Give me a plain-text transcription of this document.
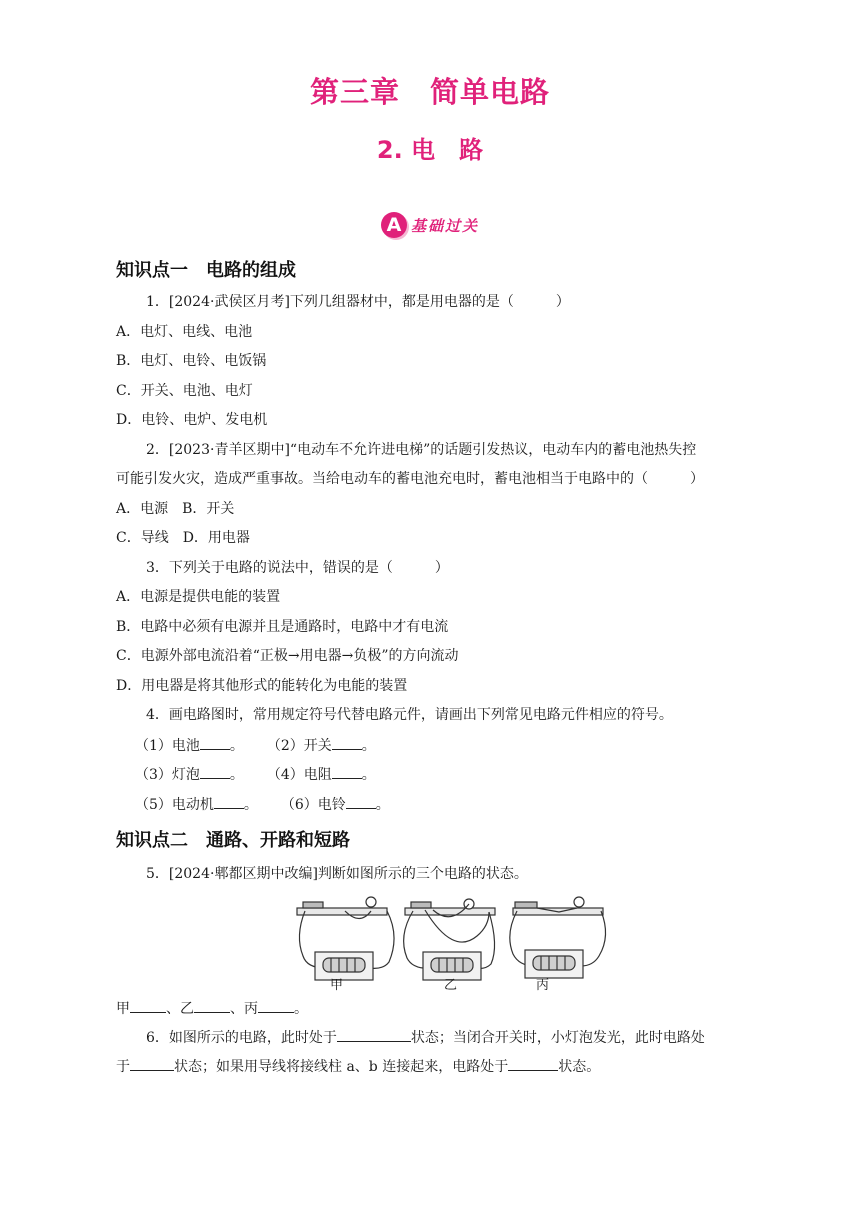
第三章　简单电路
2. 电　路
A 基础过关
知识点一　电路的组成
1．[2024·武侯区月考]下列几组器材中，都是用电器的是（　　　）
A．电灯、电线、电池
B．电灯、电铃、电饭锅
C．开关、电池、电灯
D．电铃、电炉、发电机
2．[2023·青羊区期中]“电动车不允许进电梯”的话题引发热议，电动车内的蓄电池热失控
可能引发火灾，造成严重事故。当给电动车的蓄电池充电时，蓄电池相当于电路中的（　　　）
A．电源　B．开关
C．导线　D．用电器
3．下列关于电路的说法中，错误的是（　　　）
A．电源是提供电能的装置
B．电路中必须有电源并且是通路时，电路中才有电流
C．电源外部电流沿着“正极→用电器→负极”的方向流动
D．用电器是将其他形式的能转化为电能的装置
4．画电路图时，常用规定符号代替电路元件，请画出下列常见电路元件相应的符号。
（1）电池 。 （2）开关 。
（3）灯泡 。 （4）电阻 。
（5）电动机 。 （6）电铃 。
知识点二　通路、开路和短路
5．[2024·郫都区期中改编]判断如图所示的三个电路的状态。
甲	乙	丙
甲	、乙	、丙	。
6．如图所示的电路，此时处于	状态；当闭合开关时，小灯泡发光，此时电路处
于	状态；如果用导线将接线柱 a、b 连接起来，电路处于	状态。
